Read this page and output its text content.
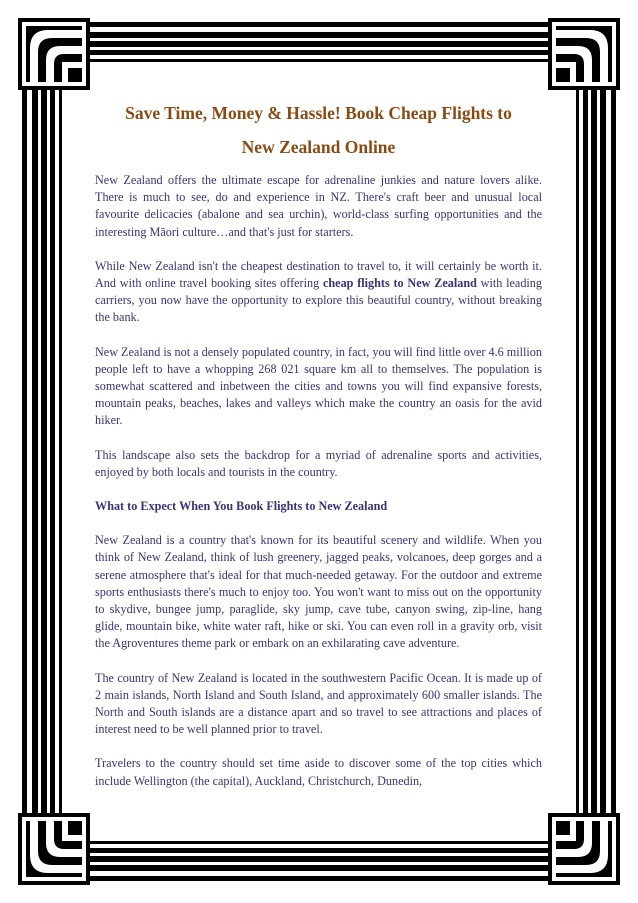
Save Time, Money & Hassle! Book Cheap Flights to
New Zealand Online

New Zealand offers the ultimate escape for adrenaline junkies and nature lovers alike. There is much to see, do and experience in NZ. There's craft beer and unusual local favourite delicacies (abalone and sea urchin), world-class surfing opportunities and the interesting Māori culture…and that's just for starters.

While New Zealand isn't the cheapest destination to travel to, it will certainly be worth it. And with online travel booking sites offering cheap flights to New Zealand with leading carriers, you now have the opportunity to explore this beautiful country, without breaking the bank.

New Zealand is not a densely populated country, in fact, you will find little over 4.6 million people left to have a whopping 268 021 square km all to themselves. The population is somewhat scattered and inbetween the cities and towns you will find expansive forests, mountain peaks, beaches, lakes and valleys which make the country an oasis for the avid hiker.

This landscape also sets the backdrop for a myriad of adrenaline sports and activities, enjoyed by both locals and tourists in the country.

What to Expect When You Book Flights to New Zealand

New Zealand is a country that's known for its beautiful scenery and wildlife. When you think of New Zealand, think of lush greenery, jagged peaks, volcanoes, deep gorges and a serene atmosphere that's ideal for that much-needed getaway. For the outdoor and extreme sports enthusiasts there's much to enjoy too. You won't want to miss out on the opportunity to skydive, bungee jump, paraglide, sky jump, cave tube, canyon swing, zip-line, hang glide, mountain bike, white water raft, hike or ski. You can even roll in a gravity orb, visit the Agroventures theme park or embark on an exhilarating cave adventure.

The country of New Zealand is located in the southwestern Pacific Ocean. It is made up of 2 main islands, North Island and South Island, and approximately 600 smaller islands. The North and South islands are a distance apart and so travel to see attractions and places of interest need to be well planned prior to travel.

Travelers to the country should set time aside to discover some of the top cities which include Wellington (the capital), Auckland, Christchurch, Dunedin,
